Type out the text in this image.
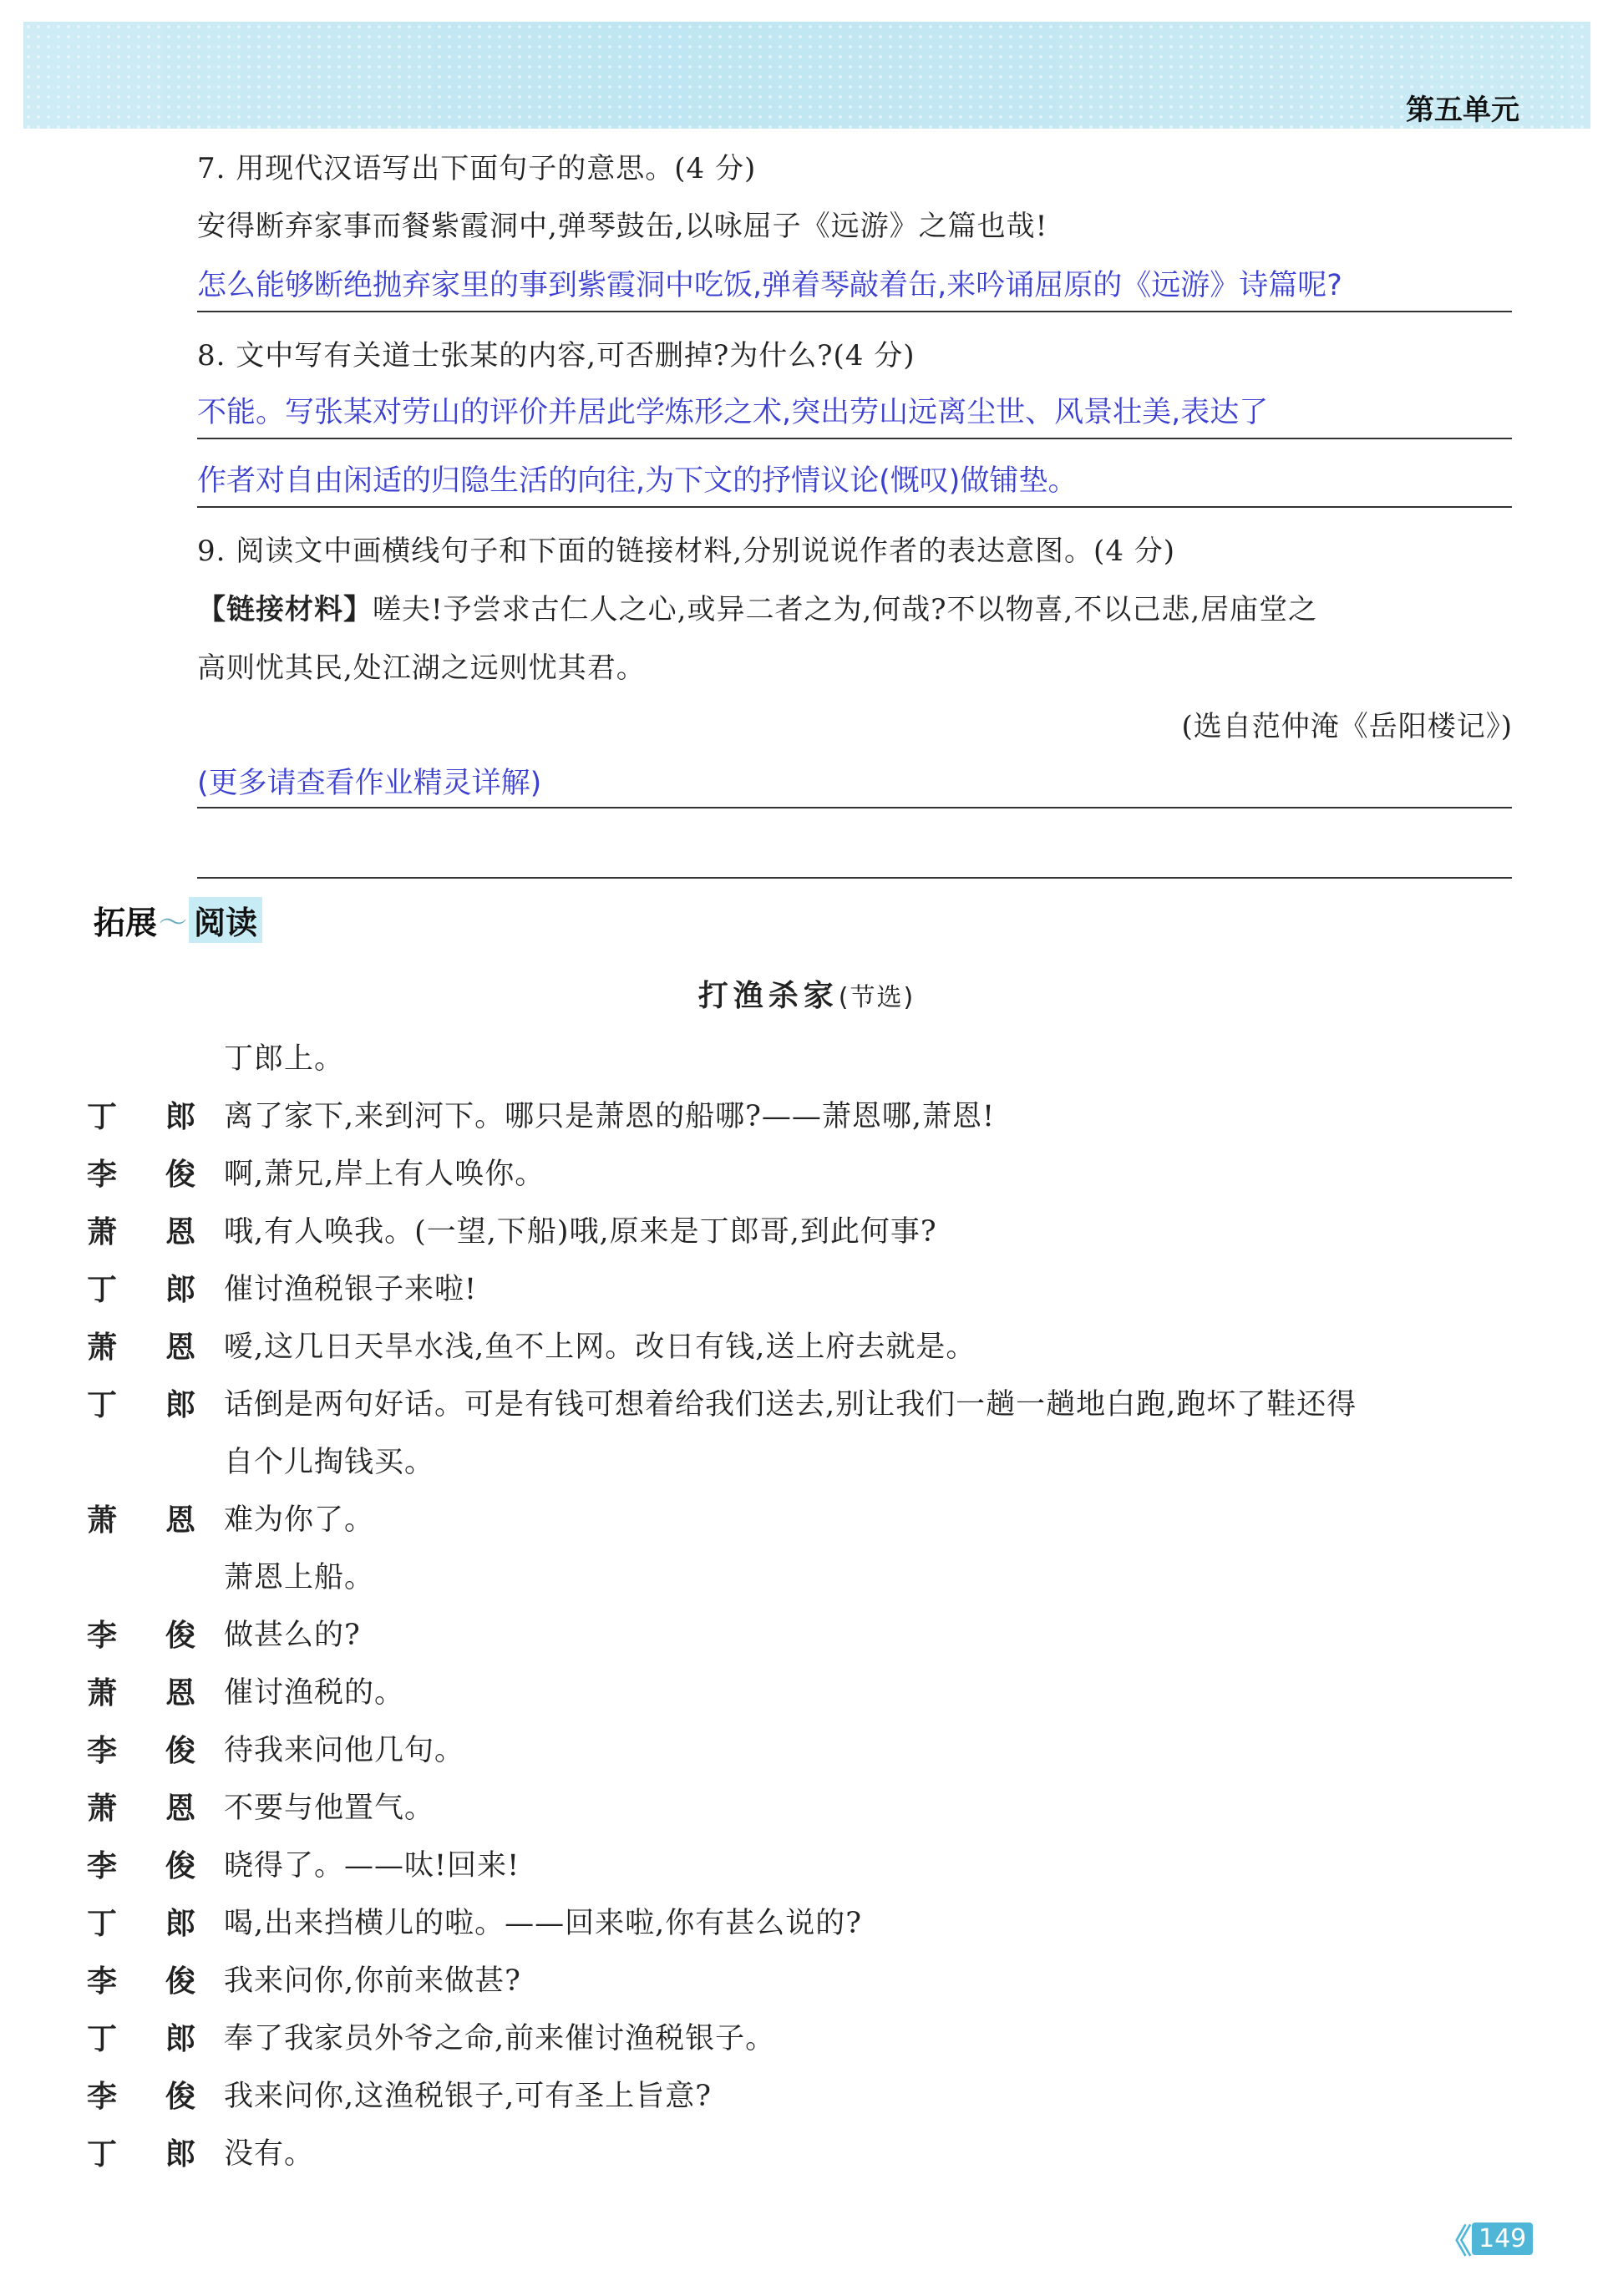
第五单元
7. 用现代汉语写出下面句子的意思。(4 分)
安得断弃家事而餐紫霞洞中,弹琴鼓缶,以咏屈子《远游》之篇也哉!
怎么能够断绝抛弃家里的事到紫霞洞中吃饭,弹着琴敲着缶,来吟诵屈原的《远游》诗篇呢?
8. 文中写有关道士张某的内容,可否删掉?为什么?(4 分)
不能。写张某对劳山的评价并居此学炼形之术,突出劳山远离尘世、风景壮美,表达了
作者对自由闲适的归隐生活的向往,为下文的抒情议论(慨叹)做铺垫。
9. 阅读文中画横线句子和下面的链接材料,分别说说作者的表达意图。(4 分)
【链接材料】嗟夫!予尝求古仁人之心,或异二者之为,何哉?不以物喜,不以己悲,居庙堂之
高则忧其民,处江湖之远则忧其君。
(选自范仲淹《岳阳楼记》)
(更多请查看作业精灵详解)
拓展 〜 阅读
打渔杀家(节选)
丁郎上。
丁 郎 离了家下,来到河下。哪只是萧恩的船哪?——萧恩哪,萧恩!
李 俊 啊,萧兄,岸上有人唤你。
萧 恩 哦,有人唤我。(一望,下船)哦,原来是丁郎哥,到此何事?
丁 郎 催讨渔税银子来啦!
萧 恩 嗳,这几日天旱水浅,鱼不上网。改日有钱,送上府去就是。
丁 郎 话倒是两句好话。可是有钱可想着给我们送去,别让我们一趟一趟地白跑,跑坏了鞋还得
自个儿掏钱买。
萧 恩 难为你了。
萧恩上船。
李 俊 做甚么的?
萧 恩 催讨渔税的。
李 俊 待我来问他几句。
萧 恩 不要与他置气。
李 俊 晓得了。——呔!回来!
丁 郎 喝,出来挡横儿的啦。——回来啦,你有甚么说的?
李 俊 我来问你,你前来做甚?
丁 郎 奉了我家员外爷之命,前来催讨渔税银子。
李 俊 我来问你,这渔税银子,可有圣上旨意?
丁 郎 没有。
《 149
